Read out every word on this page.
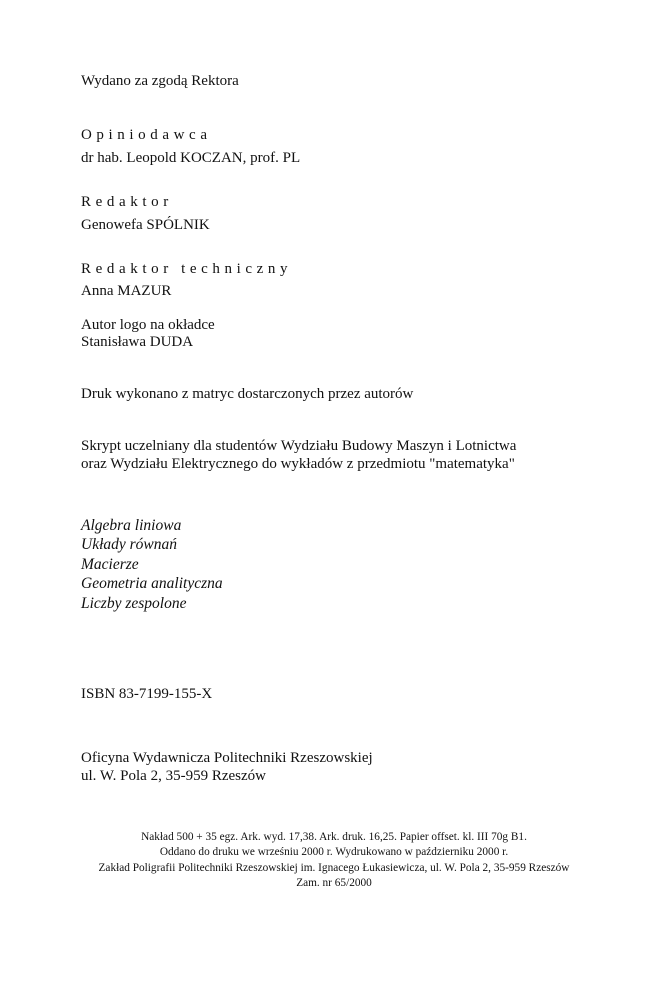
Wydano za zgodą Rektora
Opiniodawca
dr hab. Leopold KOCZAN, prof. PL
Redaktor
Genowefa SPÓLNIK
Redaktor techniczny
Anna MAZUR
Autor logo na okładce
Stanisława DUDA
Druk wykonano z matryc dostarczonych przez autorów
Skrypt uczelniany dla studentów Wydziału Budowy Maszyn i Lotnictwa
oraz Wydziału Elektrycznego do wykładów z przedmiotu "matematyka"
Algebra liniowa
Układy równań
Macierze
Geometria analityczna
Liczby zespolone
ISBN 83-7199-155-X
Oficyna Wydawnicza Politechniki Rzeszowskiej
ul. W. Pola 2, 35-959 Rzeszów
Nakład 500 + 35 egz. Ark. wyd. 17,38. Ark. druk. 16,25. Papier offset. kl. III 70g B1.
Oddano do druku we wrześniu 2000 r. Wydrukowano w październiku 2000 r.
Zakład Poligrafii Politechniki Rzeszowskiej im. Ignacego Łukasiewicza, ul. W. Pola 2, 35-959 Rzeszów
Zam. nr 65/2000
